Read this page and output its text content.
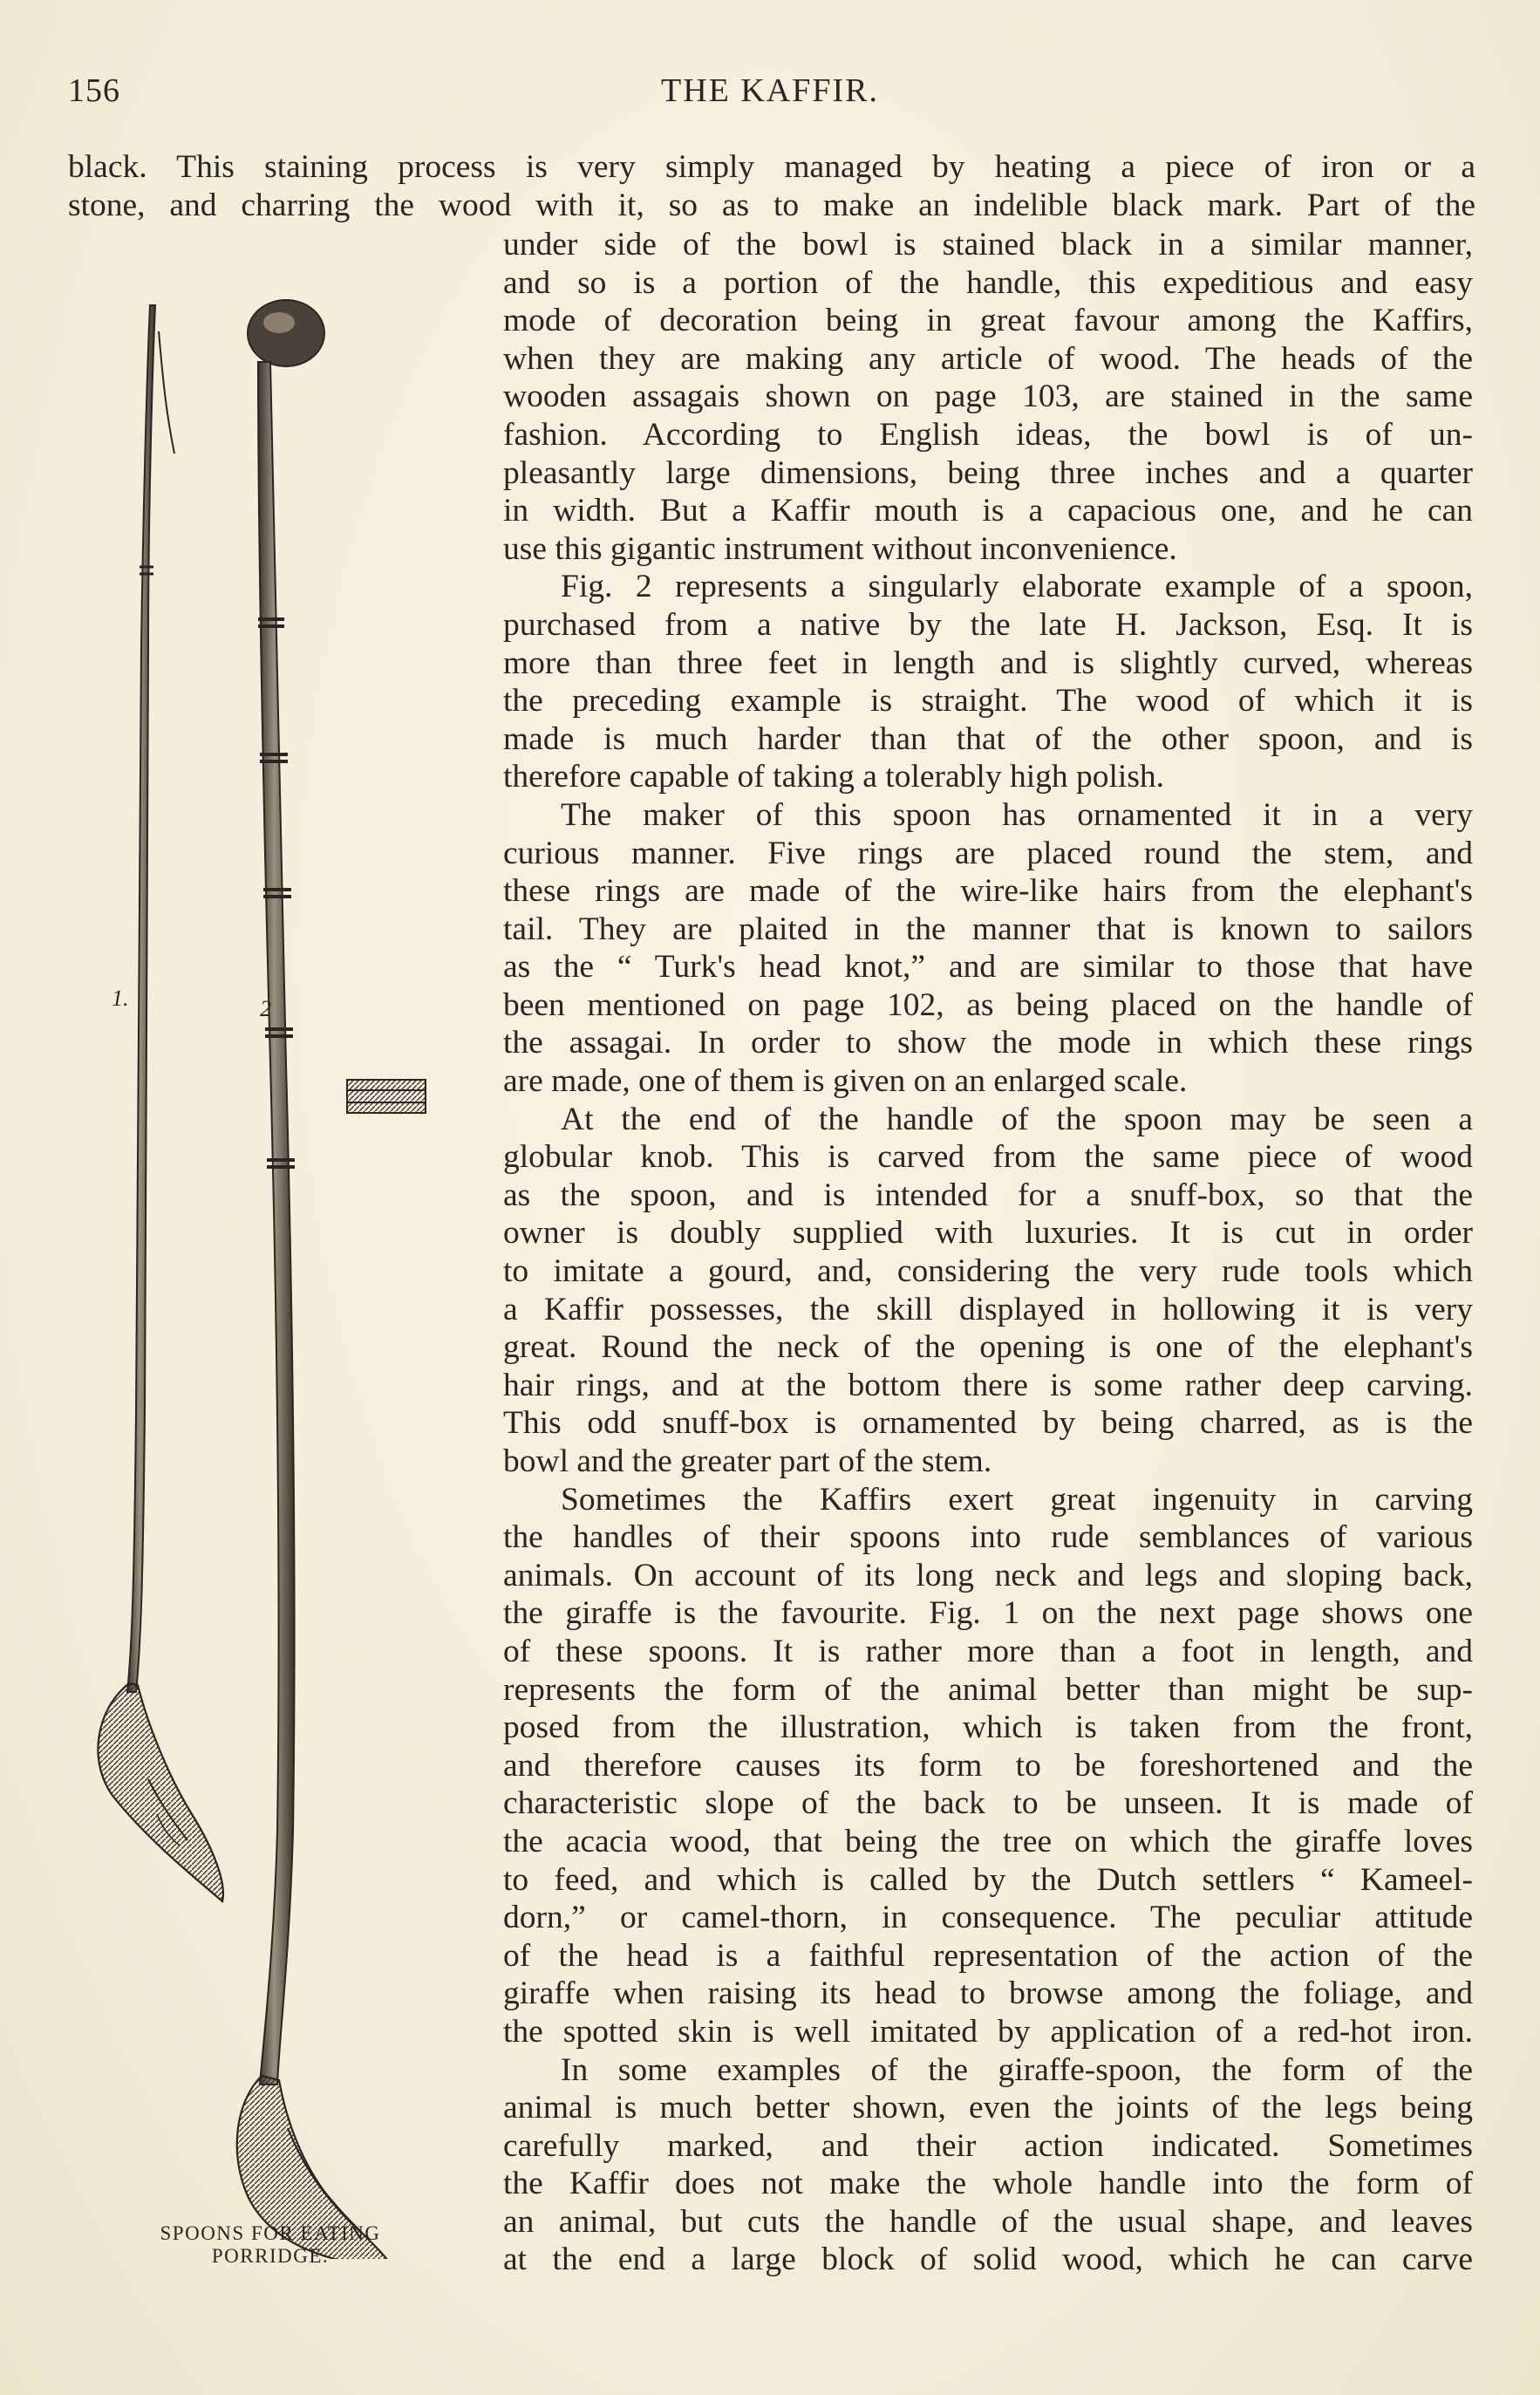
156	THE KAFFIR.
black. This staining process is very simply managed by heating a piece of iron or a
stone, and charring the wood with it, so as to make an indelible black mark. Part of the
under side of the bowl is stained black in a similar manner,
and so is a portion of the handle, this expeditious and easy
mode of decoration being in great favour among the Kaffirs,
when they are making any article of wood. The heads of the
wooden assagais shown on page 103, are stained in the same
fashion. According to English ideas, the bowl is of un-
pleasantly large dimensions, being three inches and a quarter
in width. But a Kaffir mouth is a capacious one, and he can
use this gigantic instrument without inconvenience.
Fig. 2 represents a singularly elaborate example of a spoon,
purchased from a native by the late H. Jackson, Esq. It is
more than three feet in length and is slightly curved, whereas
the preceding example is straight. The wood of which it is
made is much harder than that of the other spoon, and is
therefore capable of taking a tolerably high polish.
The maker of this spoon has ornamented it in a very
curious manner. Five rings are placed round the stem, and
these rings are made of the wire-like hairs from the elephant's
tail. They are plaited in the manner that is known to sailors
as the “ Turk's head knot,” and are similar to those that have
been mentioned on page 102, as being placed on the handle of
the assagai. In order to show the mode in which these rings
are made, one of them is given on an enlarged scale.
At the end of the handle of the spoon may be seen a
globular knob. This is carved from the same piece of wood
as the spoon, and is intended for a snuff-box, so that the
owner is doubly supplied with luxuries. It is cut in order
to imitate a gourd, and, considering the very rude tools which
a Kaffir possesses, the skill displayed in hollowing it is very
great. Round the neck of the opening is one of the elephant's
hair rings, and at the bottom there is some rather deep carving.
This odd snuff-box is ornamented by being charred, as is the
bowl and the greater part of the stem.
Sometimes the Kaffirs exert great ingenuity in carving
the handles of their spoons into rude semblances of various
animals. On account of its long neck and legs and sloping back,
the giraffe is the favourite. Fig. 1 on the next page shows one
of these spoons. It is rather more than a foot in length, and
represents the form of the animal better than might be sup-
posed from the illustration, which is taken from the front,
and therefore causes its form to be foreshortened and the
characteristic slope of the back to be unseen. It is made of
the acacia wood, that being the tree on which the giraffe loves
to feed, and which is called by the Dutch settlers “ Kameel-
dorn,” or camel-thorn, in consequence. The peculiar attitude
of the head is a faithful representation of the action of the
giraffe when raising its head to browse among the foliage, and
the spotted skin is well imitated by application of a red-hot iron.
In some examples of the giraffe-spoon, the form of the
animal is much better shown, even the joints of the legs being
carefully marked, and their action indicated. Sometimes
the Kaffir does not make the whole handle into the form of
an animal, but cuts the handle of the usual shape, and leaves
at the end a large block of solid wood, which he can carve
1.	2
SPOONS FOR EATING
PORRIDGE.
